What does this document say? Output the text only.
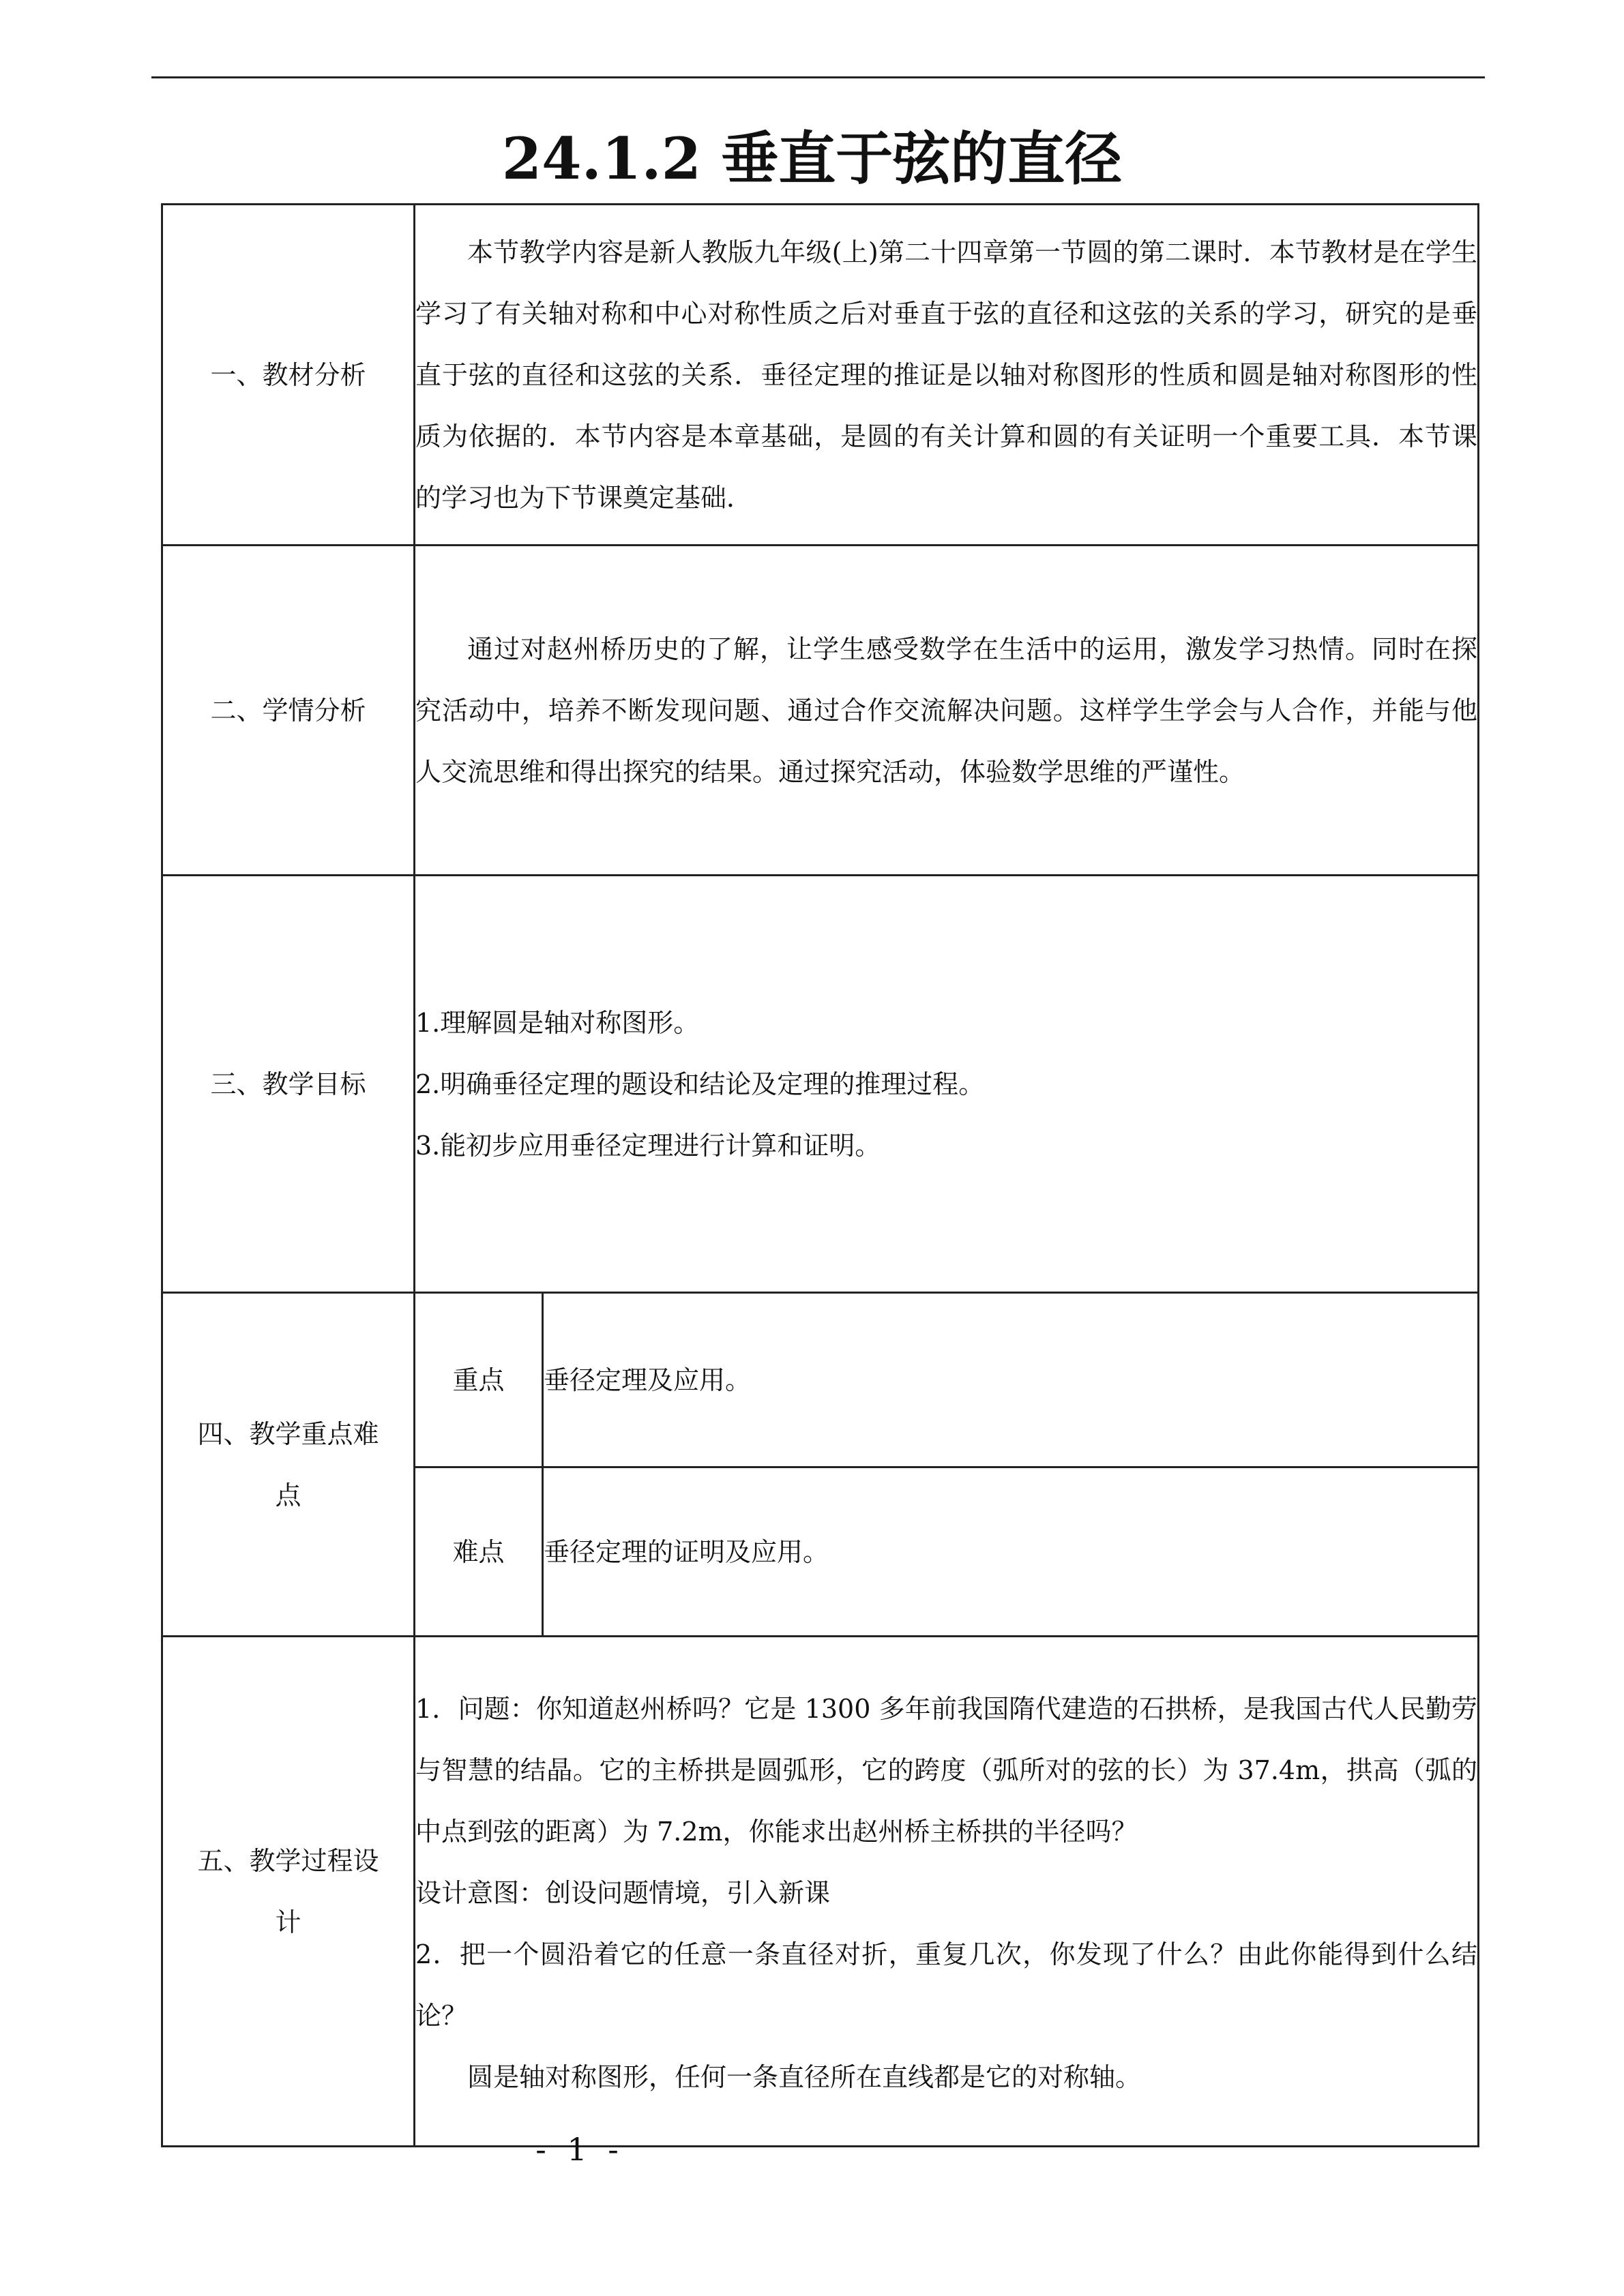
24.1.2 垂直于弦的直径
一、教材分析	本节教学内容是新人教版九年级(上)第二十四章第一节圆的第二课时．本节教材是在学生学习了有关轴对称和中心对称性质之后对垂直于弦的直径和这弦的关系的学习，研究的是垂直于弦的直径和这弦的关系．垂径定理的推证是以轴对称图形的性质和圆是轴对称图形的性质为依据的．本节内容是本章基础，是圆的有关计算和圆的有关证明一个重要工具．本节课的学习也为下节课奠定基础．	

二、学情分析	通过对赵州桥历史的了解，让学生感受数学在生活中的运用，激发学习热情。同时在探究活动中，培养不断发现问题、通过合作交流解决问题。这样学生学会与人合作，并能与他人交流思维和得出探究的结果。通过探究活动，体验数学思维的严谨性。	

三、教学目标	1.理解圆是轴对称图形。

2.明确垂径定理的题设和结论及定理的推理过程。

3.能初步应用垂径定理进行计算和证明。	

四、教学重点难点	重点	垂径定理及应用。

	难点	垂径定理的证明及应用。

五、教学过程设计	1．问题：你知道赵州桥吗？它是 1300 多年前我国隋代建造的石拱桥，是我国古代人民勤劳与智慧的结晶。它的主桥拱是圆弧形，它的跨度（弧所对的弦的长）为 37.4m，拱高（弧的中点到弦的距离）为 7.2m，你能求出赵州桥主桥拱的半径吗？

设计意图：创设问题情境，引入新课

2．把一个圆沿着它的任意一条直径对折，重复几次，你发现了什么？由此你能得到什么结论？

圆是轴对称图形，任何一条直径所在直线都是它的对称轴。	

- 1 -
